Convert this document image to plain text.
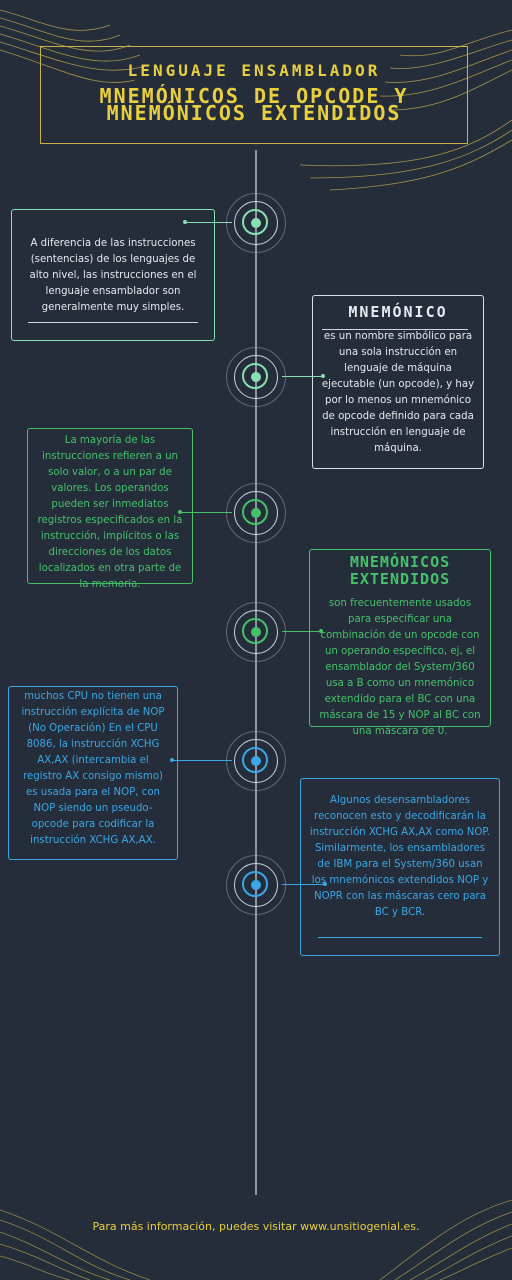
LENGUAJE ENSAMBLADOR
MNEMÓNICOS DE OPCODE Y
MNEMÓNICOS EXTENDIDOS
A diferencia de las instrucciones (sentencias) de los lenguajes de alto nivel, las instrucciones en el lenguaje ensamblador son generalmente muy simples.	MNEMÓNICO
es un nombre simbólico para una sola instrucción en lenguaje de máquina ejecutable (un opcode), y hay por lo menos un mnemónico de opcode definido para cada instrucción en lenguaje de máquina.
La mayoría de las instrucciones refieren a un solo valor, o a un par de valores. Los operandos pueden ser inmediatos registros especificados en la instrucción, implícitos o las direcciones de los datos localizados en otra parte de la memoria.
MNEMÓNICOS EXTENDIDOS
son frecuentemente usados para especificar una combinación de un opcode con un operando específico, ej, el ensamblador del System/360 usa a B como un mnemónico extendido para el BC con una máscara de 15 y NOP al BC con una máscara de 0.
muchos CPU no tienen una instrucción explícita de NOP (No Operación) En el CPU 8086, la instrucción XCHG AX,AX (intercambia el registro AX consigo mismo) es usada para el NOP, con NOP siendo un pseudo-opcode para codificar la instrucción XCHG AX,AX.
Algunos desensambladores reconocen esto y decodificarán la instrucción XCHG AX,AX como NOP. Similarmente, los ensambladores de IBM para el System/360 usan los mnemónicos extendidos NOP y NOPR con las máscaras cero para BC y BCR.
Para más información, puedes visitar www.unsitiogenial.es.
